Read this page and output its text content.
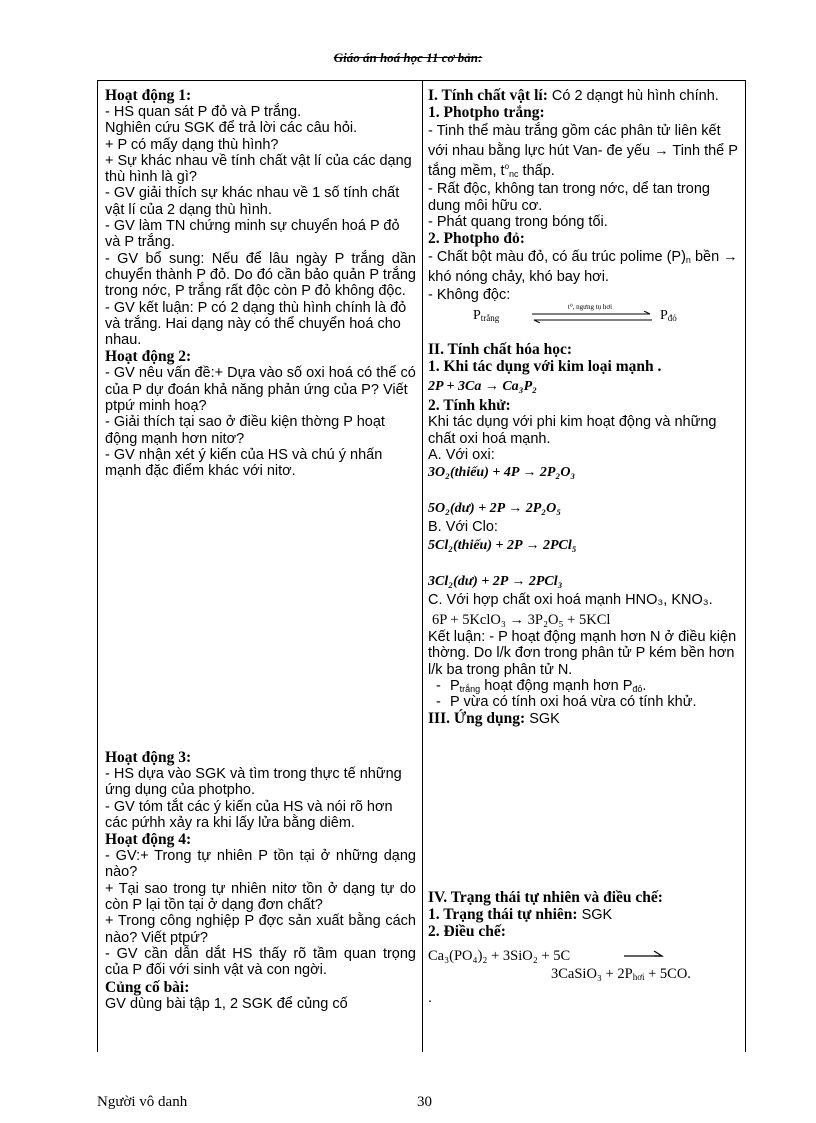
Giáo án hoá học 11 cơ bản:
Hoạt động 1:
- HS quan sát P đỏ và P trắng.
Nghiên cứu SGK để trả lời các câu hỏi.
+ P có mấy dạng thù hình?
+ Sự khác nhau về tính chất vật lí của các dạng thù hình là gì?
- GV giải thích sự khác nhau về 1 số tính chất vật lí của 2 dạng thù hình.
- GV làm TN chứng minh sự chuyển hoá P đỏ và P trắng.
- GV bổ sung: Nếu để lâu ngày P trắng dần chuyển thành P đỏ. Do đó cần bảo quản P trắng trong nớc, P trắng rất độc còn P đỏ không độc.
- GV kết luận: P có 2 dạng thù hình chính là đỏ và trắng. Hai dạng này có thể chuyển hoá cho nhau.
Hoạt động 2:
- GV nêu vấn đề:+ Dựa vào số oxi hoá có thể có của P dự đoán khả năng phản ứng của P? Viết ptpứ minh hoạ?
- Giải thích tại sao ở điều kiện thờng P hoạt động mạnh hơn nitơ?
- GV nhận xét ý kiến của HS và chú ý nhấn mạnh đặc điểm khác với nitơ.
Hoạt động 3:
- HS dựa vào SGK và tìm trong thực tế những ứng dụng của photpho.
- GV tóm tắt các ý kiến của HS và nói rõ hơn các pứhh xảy ra khi lấy lửa bằng diêm.
Hoạt động 4:
- GV:+ Trong tự nhiên P tồn tại ở những dạng nào?
+ Tại sao trong tự nhiên nitơ tồn ở dạng tự do còn P lại tồn tại ở dạng đơn chất?
+ Trong công nghiệp P đợc sản xuất bằng cách nào? Viết ptpứ?
- GV cần dẫn dắt HS thấy rõ tầm quan trọng của P đối với sinh vật và con ngời.
Củng cố bài:
GV dùng bài tập 1, 2 SGK để củng cố
I. Tính chất vật lí: Có 2 dạngt hù hình chính.
1. Photpho trắng:
- Tinh thể màu trắng gồm các phân tử liên kết với nhau bằng lực hút Van- đe yếu → Tinh thể P tắng mềm, $t^o_{nc}$ thấp.
- Rất độc, không tan trong nớc, dể tan trong dung môi hữu cơ.
- Phát quang trong bóng tối.
2. Photpho đỏ:
- Chất bột màu đỏ, có ấu trúc polime $(P)_n$ bền → khó nóng chảy, khó bay hơi.
- Không độc:
$P_{trắng}$
t⁰, ngưng tụ hơi
$P_{đỏ}$
II. Tính chất hóa học:
1. Khi tác dụng với kim loại mạnh .
2P + 3Ca → Ca₃P₂
2. Tính khử:
Khi tác dụng với phi kim hoạt động và những chất oxi hoá mạnh.
A. Với oxi:
3O₂(thiếu) + 4P → 2P₂O₃
5O₂(dư) + 2P → 2P₂O₅
B. Với Clo:
5Cl₂(thiếu) + 2P → 2PCl₅
3Cl₂(dư) + 2P → 2PCl₃
C. Với hợp chất oxi hoá mạnh HNO₃, KNO₃.
6P + 5KclO₃ → 3P₂O₅ + 5KCl
Kết luận: - P hoạt động mạnh hơn N ở điều kiện thờng. Do l/k đơn trong phân tử P kém bền hơn l/k ba trong phân tử N.
- $P_{trắng}$ hoạt động mạnh hơn $P_{đỏ}$.
- P vừa có tính oxi hoá vừa có tính khử.
III. Ứng dụng: SGK
IV. Trạng thái tự nhiên và điều chế:
1. Trạng thái tự nhiên: SGK
2. Điều chế:
Ca₃(PO₄)₂ + 3SiO₂ + 5C
3CaSiO₃ + $2P_{hơi} + 5CO$.
.
Người vô danh	30
